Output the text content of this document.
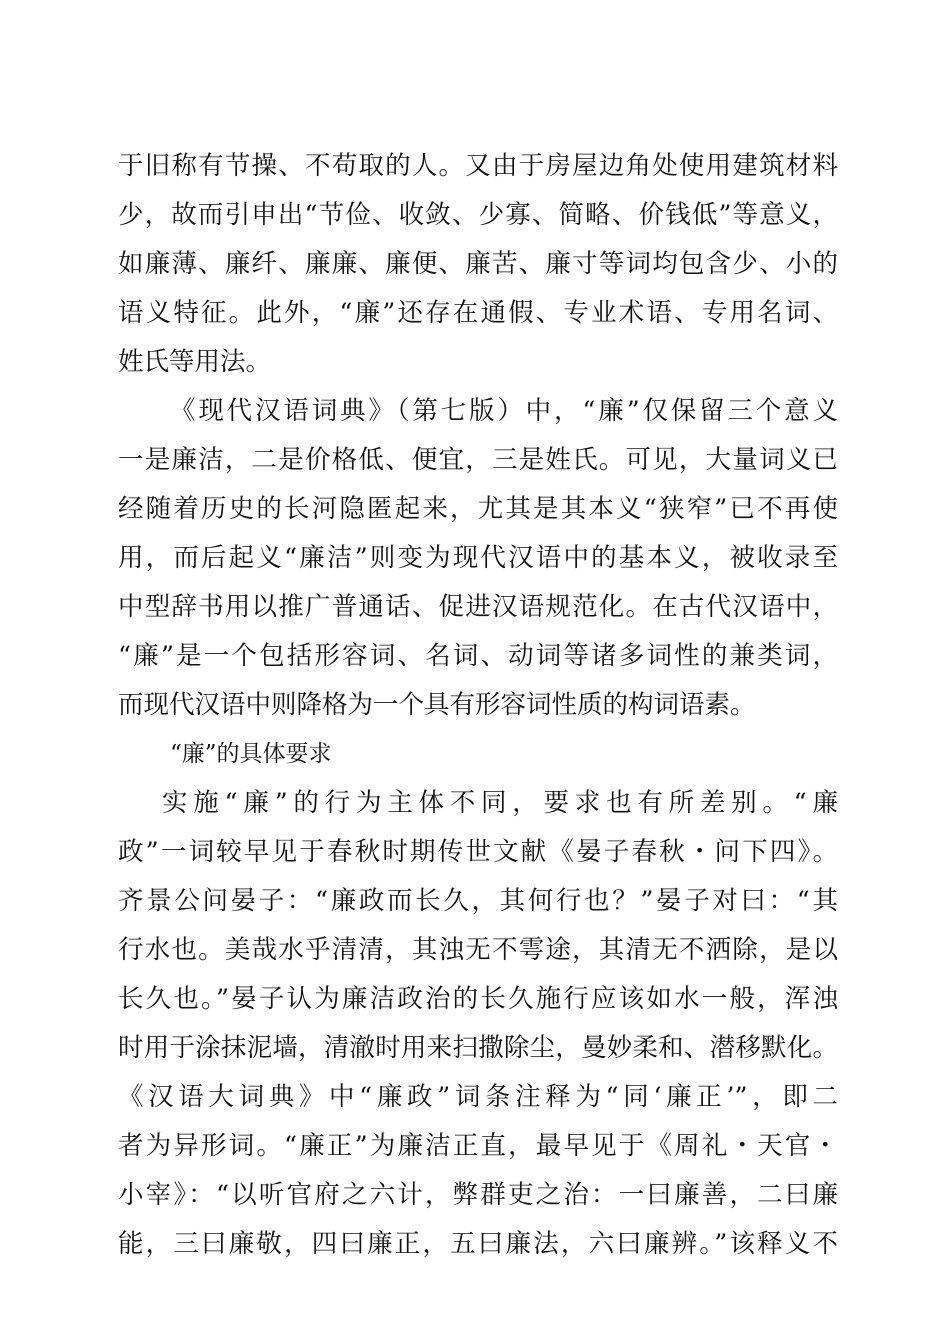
于旧称有节操、不苟取的人。又由于房屋边角处使用建筑材料
少，故而引申出“节俭、收敛、少寡、简略、价钱低”等意义，
如廉薄、廉纤、廉廉、廉便、廉苦、廉寸等词均包含少、小的
语义特征。此外，“廉”还存在通假、专业术语、专用名词、
姓氏等用法。
《现代汉语词典》（第七版）中，“廉”仅保留三个意义
一是廉洁，二是价格低、便宜，三是姓氏。可见，大量词义已
经随着历史的长河隐匿起来，尤其是其本义“狭窄”已不再使
用，而后起义“廉洁”则变为现代汉语中的基本义，被收录至
中型辞书用以推广普通话、促进汉语规范化。在古代汉语中，
“廉”是一个包括形容词、名词、动词等诸多词性的兼类词，
而现代汉语中则降格为一个具有形容词性质的构词语素。
“廉”的具体要求
实施“廉”的行为主体不同，要求也有所差别。“廉
政”一词较早见于春秋时期传世文献《晏子春秋・问下四》。
齐景公问晏子：“廉政而长久，其何行也？”晏子对曰：“其
行水也。美哉水乎清清，其浊无不雩途，其清无不洒除，是以
长久也。”晏子认为廉洁政治的长久施行应该如水一般，浑浊
时用于涂抹泥墙，清澈时用来扫撒除尘，曼妙柔和、潜移默化。
《汉语大词典》中“廉政”词条注释为“同‘廉正’”，即二
者为异形词。“廉正”为廉洁正直，最早见于《周礼・天官・
小宰》：“以听官府之六计，弊群吏之治：一曰廉善，二曰廉
能，三曰廉敬，四曰廉正，五曰廉法，六曰廉辨。”该释义不
